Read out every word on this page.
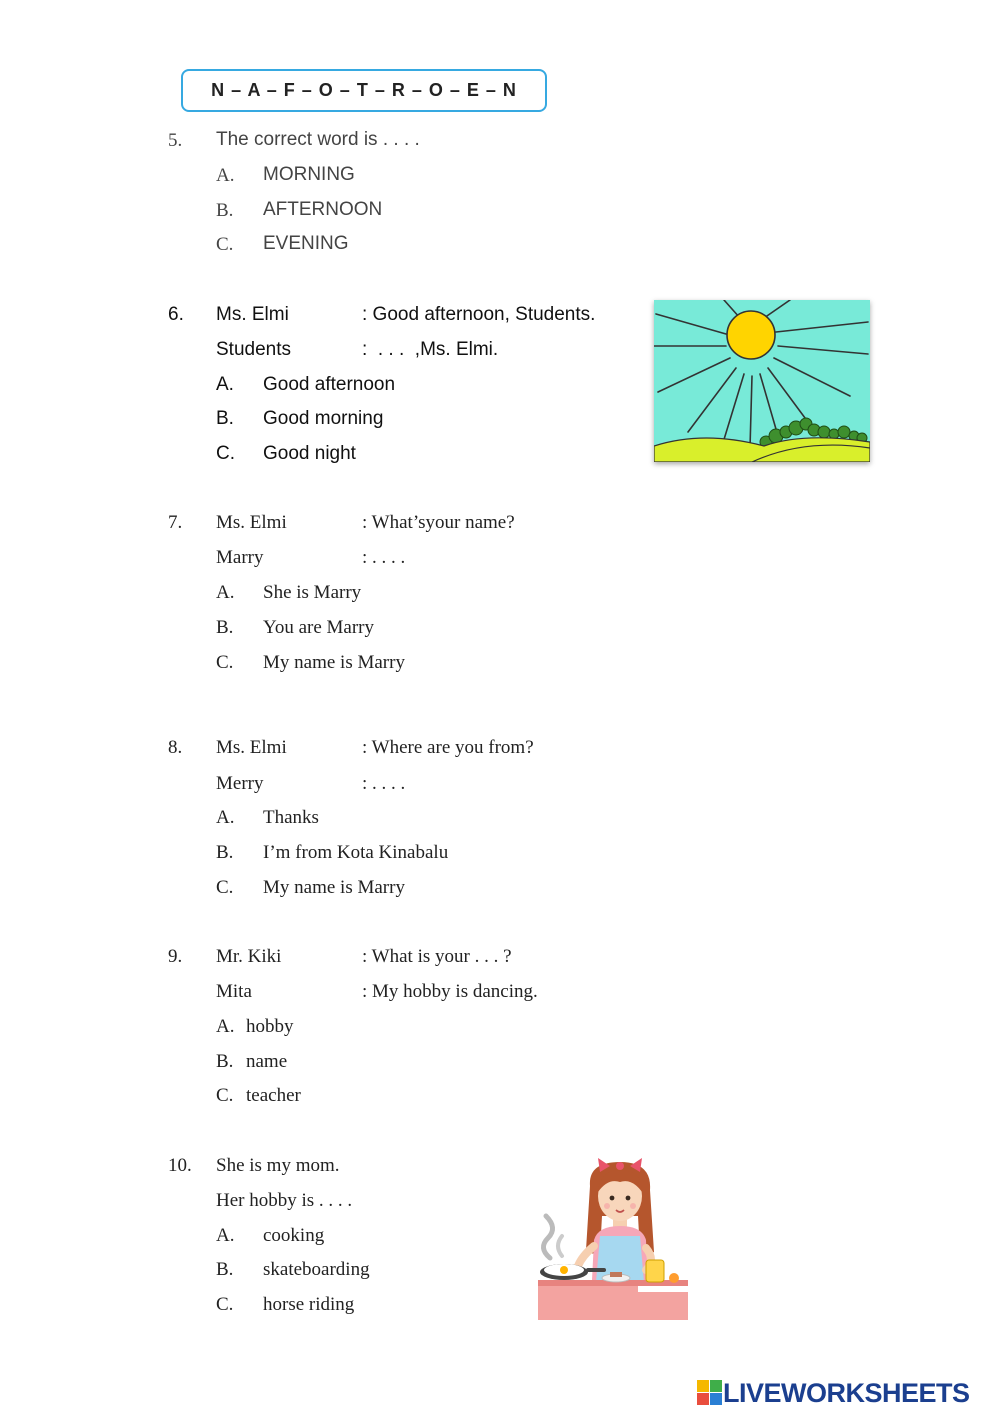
N – A – F – O – T – R – O – E – N
5. The correct word is . . . .
A. MORNING
B. AFTERNOON
C. EVENING
6. Ms. Elmi	: Good afternoon, Students.
Students	:  . . .  ,Ms. Elmi.
A. Good afternoon
B. Good morning
C. Good night
7. Ms. Elmi	: What’syour name?
Marry	: . . . .
A. She is Marry
B. You are Marry
C. My name is Marry
8. Ms. Elmi	: Where are you from?
Merry	: . . . .
A. Thanks
B. I’m from Kota Kinabalu
C. My name is Marry
9. Mr. Kiki	: What is your . . . ?
Mita	: My hobby is dancing.
A. hobby
B. name
C. teacher
10. She is my mom.
Her hobby is . . . .
A. cooking
B. skateboarding
C. horse riding
LIVEWORKSHEETS
